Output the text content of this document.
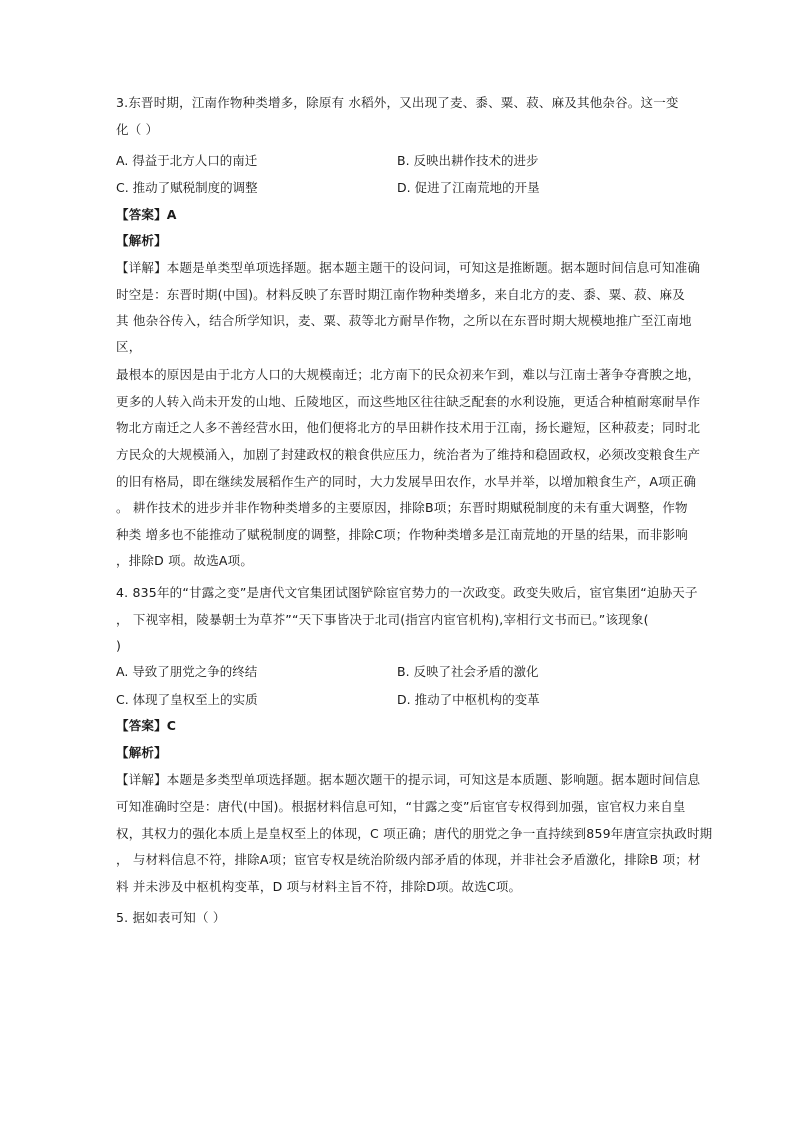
3.东晋时期，江南作物种类增多，除原有 水稻外，又出现了麦、黍、粟、菽、麻及其他杂谷。这一变
化（ ）
A. 得益于北方人口的南迁	B. 反映出耕作技术的进步
C. 推动了赋税制度的调整	D. 促进了江南荒地的开垦
【答案】A
【解析】
【详解】本题是单类型单项选择题。据本题主题干的设问词，可知这是推断题。据本题时间信息可知准确
时空是：东晋时期(中国)。材料反映了东晋时期江南作物种类增多，来自北方的麦、黍、粟、菽、麻及
其 他杂谷传入，结合所学知识，麦、粟、菽等北方耐旱作物，之所以在东晋时期大规模地推广至江南地
区，
最根本的原因是由于北方人口的大规模南迁；北方南下的民众初来乍到，难以与江南士著争夺膏腴之地，
更多的人转入尚未开发的山地、丘陵地区，而这些地区往往缺乏配套的水利设施，更适合种植耐寒耐旱作
物北方南迁之人多不善经营水田，他们便将北方的旱田耕作技术用于江南，扬长避短，区种菽麦；同时北
方民众的大规模涌入，加剧了封建政权的粮食供应压力，统治者为了维持和稳固政权，必须改变粮食生产
的旧有格局，即在继续发展稻作生产的同时，大力发展旱田农作，水旱并举，以增加粮食生产，A项正确
。 耕作技术的进步并非作物种类增多的主要原因，排除B项；东晋时期赋税制度的未有重大调整，作物
种类 增多也不能推动了赋税制度的调整，排除C项；作物种类增多是江南荒地的开垦的结果，而非影响
，排除D 项。故选A项。
4. 835年的“甘露之变”是唐代文官集团试图铲除宦官势力的一次政变。政变失败后，宦官集团“迫胁天子
， 下视宰相，陵暴朝士为草芥”“天下事皆决于北司(指宫内宦官机构),宰相行文书而已。”该现象(
)
A. 导致了朋党之争的终结	B. 反映了社会矛盾的激化
C. 体现了皇权至上的实质	D. 推动了中枢机构的变革
【答案】C
【解析】
【详解】本题是多类型单项选择题。据本题次题干的提示词，可知这是本质题、影响题。据本题时间信息
可知准确时空是：唐代(中国)。根据材料信息可知，“甘露之变”后宦官专权得到加强，宦官权力来自皇
权，其权力的强化本质上是皇权至上的体现，C 项正确；唐代的朋党之争一直持续到859年唐宣宗执政时期
， 与材料信息不符，排除A项；宦官专权是统治阶级内部矛盾的体现，并非社会矛盾激化，排除B 项；材
料 并未涉及中枢机构变革，D 项与材料主旨不符，排除D项。故选C项。
5. 据如表可知（ ）
